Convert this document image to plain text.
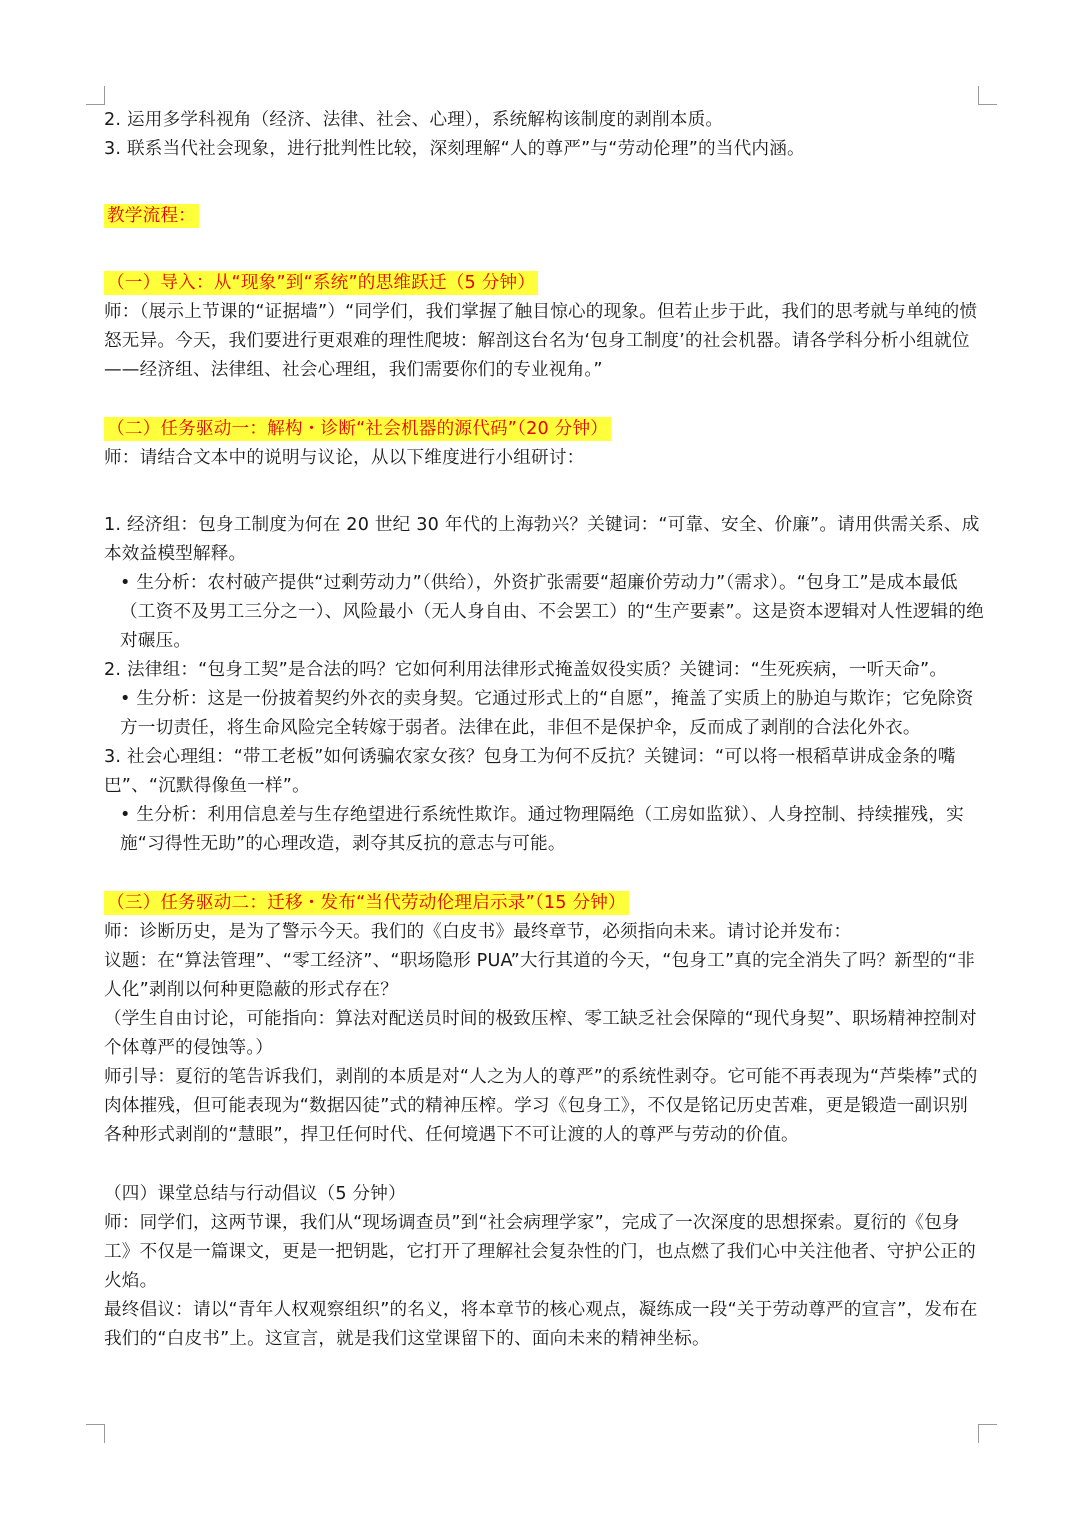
2. 运用多学科视角（经济、法律、社会、心理），系统解构该制度的剥削本质。

3. 联系当代社会现象，进行批判性比较，深刻理解“人的尊严”与“劳动伦理”的当代内涵。

教学流程：

（一）导入：从“现象”到“系统”的思维跃迁（5 分钟）

师：（展示上节课的“证据墙”）“同学们，我们掌握了触目惊心的现象。但若止步于此，我们的思考就与单纯的愤怒无异。今天，我们要进行更艰难的理性爬坡：解剖这台名为‘包身工制度’的社会机器。请各学科分析小组就位——经济组、法律组、社会心理组，我们需要你们的专业视角。”

（二）任务驱动一：解构・诊断“社会机器的源代码”（20 分钟）

师：请结合文本中的说明与议论，从以下维度进行小组研讨：

1. 经济组：包身工制度为何在 20 世纪 30 年代的上海勃兴？关键词：“可靠、安全、价廉”。请用供需关系、成本效益模型解释。

• 生分析：农村破产提供“过剩劳动力”（供给），外资扩张需要“超廉价劳动力”（需求）。“包身工”是成本最低（工资不及男工三分之一）、风险最小（无人身自由、不会罢工）的“生产要素”。这是资本逻辑对人性逻辑的绝对碾压。

2. 法律组：“包身工契”是合法的吗？它如何利用法律形式掩盖奴役实质？关键词：“生死疾病，一听天命”。

• 生分析：这是一份披着契约外衣的卖身契。它通过形式上的“自愿”，掩盖了实质上的胁迫与欺诈；它免除资方一切责任，将生命风险完全转嫁于弱者。法律在此，非但不是保护伞，反而成了剥削的合法化外衣。

3. 社会心理组：“带工老板”如何诱骗农家女孩？包身工为何不反抗？关键词：“可以将一根稻草讲成金条的嘴巴”、“沉默得像鱼一样”。

• 生分析：利用信息差与生存绝望进行系统性欺诈。通过物理隔绝（工房如监狱）、人身控制、持续摧残，实施“习得性无助”的心理改造，剥夺其反抗的意志与可能。

（三）任务驱动二：迁移・发布“当代劳动伦理启示录”（15 分钟）

师：诊断历史，是为了警示今天。我们的《白皮书》最终章节，必须指向未来。请讨论并发布：

议题：在“算法管理”、“零工经济”、“职场隐形 PUA”大行其道的今天，“包身工”真的完全消失了吗？新型的“非人化”剥削以何种更隐蔽的形式存在？

（学生自由讨论，可能指向：算法对配送员时间的极致压榨、零工缺乏社会保障的“现代身契”、职场精神控制对个体尊严的侵蚀等。）

师引导：夏衍的笔告诉我们，剥削的本质是对“人之为人的尊严”的系统性剥夺。它可能不再表现为“芦柴棒”式的肉体摧残，但可能表现为“数据囚徒”式的精神压榨。学习《包身工》，不仅是铭记历史苦难，更是锻造一副识别各种形式剥削的“慧眼”，捍卫任何时代、任何境遇下不可让渡的人的尊严与劳动的价值。

（四）课堂总结与行动倡议（5 分钟）

师：同学们，这两节课，我们从“现场调查员”到“社会病理学家”，完成了一次深度的思想探索。夏衍的《包身工》不仅是一篇课文，更是一把钥匙，它打开了理解社会复杂性的门，也点燃了我们心中关注他者、守护公正的火焰。

最终倡议：请以“青年人权观察组织”的名义，将本章节的核心观点，凝练成一段“关于劳动尊严的宣言”，发布在我们的“白皮书”上。这宣言，就是我们这堂课留下的、面向未来的精神坐标。
